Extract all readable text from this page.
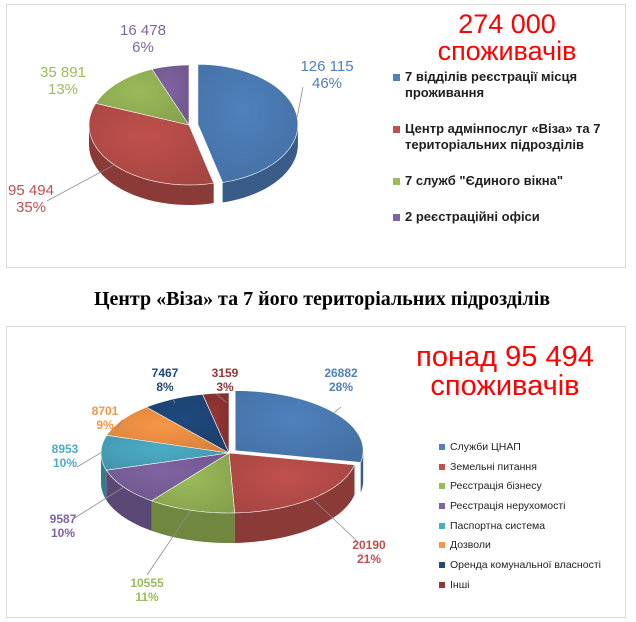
126 115
46%
95 494
35%
35 891
13%
16 478
6%
274 000
споживачів
7 відділів реєстрації місця проживання
Центр адмінпослуг «Віза» та 7 територіальних підрозділів
7 служб "Єдиного вікна"
2 реєстраційні офіси
Центр «Віза» та 7 його територіальних підрозділів
26882
28%
20190
21%
10555
11%
9587
10%
8953
10%
8701
9%
7467
8%
3159
3%
понад 95 494
споживачів
Служби ЦНАП
Земельні питання
Реєстрація бізнесу
Реєстрація нерухомості
Паспортна система
Дозволи
Оренда комунальної власності
Інші
